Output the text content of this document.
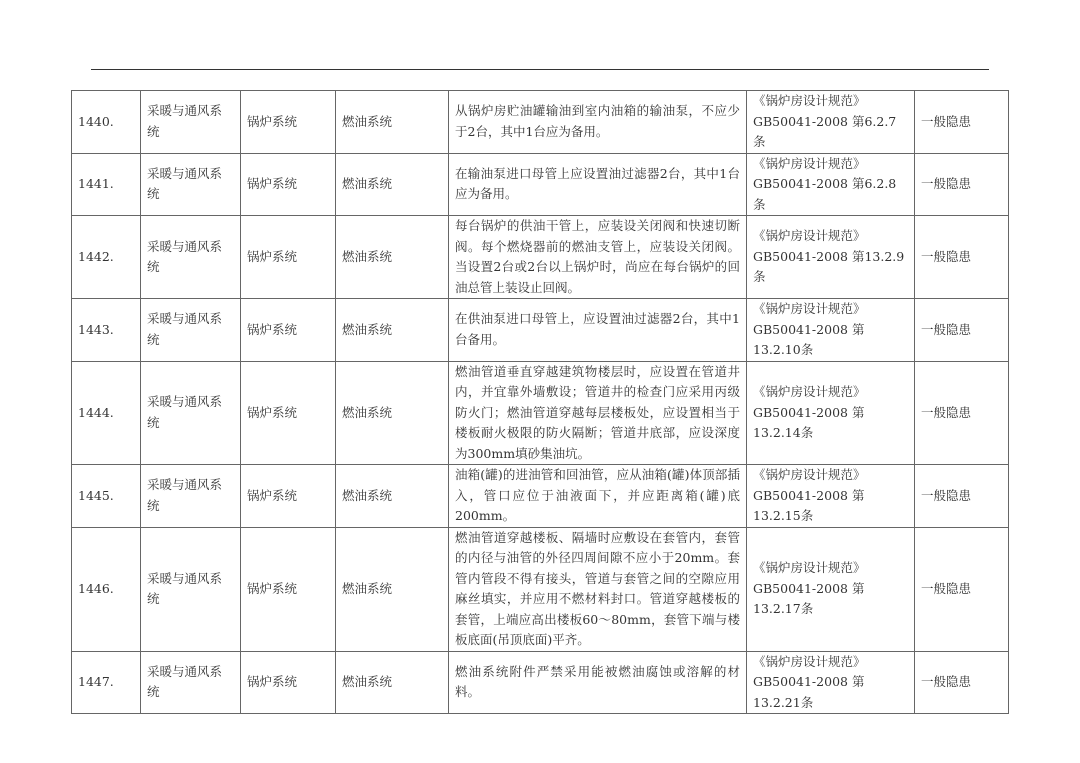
1440.	采暖与通风系统	锅炉系统	燃油系统	从锅炉房贮油罐输油到室内油箱的输油泵，不应少于2台，其中1台应为备用。	《锅炉房设计规范》GB50041-2008 第6.2.7条	一般隐患
1441.	采暖与通风系统	锅炉系统	燃油系统	在输油泵进口母管上应设置油过滤器2台，其中1台应为备用。	《锅炉房设计规范》GB50041-2008 第6.2.8条	一般隐患
1442.	采暖与通风系统	锅炉系统	燃油系统	每台锅炉的供油干管上，应装设关闭阀和快速切断阀。每个燃烧器前的燃油支管上，应装设关闭阀。当设置2台或2台以上锅炉时，尚应在每台锅炉的回油总管上装设止回阀。	《锅炉房设计规范》GB50041-2008 第13.2.9条	一般隐患
1443.	采暖与通风系统	锅炉系统	燃油系统	在供油泵进口母管上，应设置油过滤器2台，其中1台备用。	《锅炉房设计规范》GB50041-2008 第13.2.10条	一般隐患
1444.	采暖与通风系统	锅炉系统	燃油系统	燃油管道垂直穿越建筑物楼层时，应设置在管道井内，并宜靠外墙敷设；管道井的检查门应采用丙级防火门；燃油管道穿越每层楼板处，应设置相当于楼板耐火极限的防火隔断；管道井底部，应设深度为300mm填砂集油坑。	《锅炉房设计规范》GB50041-2008 第13.2.14条	一般隐患
1445.	采暖与通风系统	锅炉系统	燃油系统	油箱(罐)的进油管和回油管，应从油箱(罐)体顶部插入，管口应位于油液面下，并应距离箱(罐)底200mm。	《锅炉房设计规范》GB50041-2008 第13.2.15条	一般隐患
1446.	采暖与通风系统	锅炉系统	燃油系统	燃油管道穿越楼板、隔墙时应敷设在套管内，套管的内径与油管的外径四周间隙不应小于20mm。套管内管段不得有接头，管道与套管之间的空隙应用麻丝填实，并应用不燃材料封口。管道穿越楼板的套管，上端应高出楼板60～80mm，套管下端与楼板底面(吊顶底面)平齐。	《锅炉房设计规范》GB50041-2008 第13.2.17条	一般隐患
1447.	采暖与通风系统	锅炉系统	燃油系统	燃油系统附件严禁采用能被燃油腐蚀或溶解的材料。	《锅炉房设计规范》GB50041-2008 第13.2.21条	一般隐患
